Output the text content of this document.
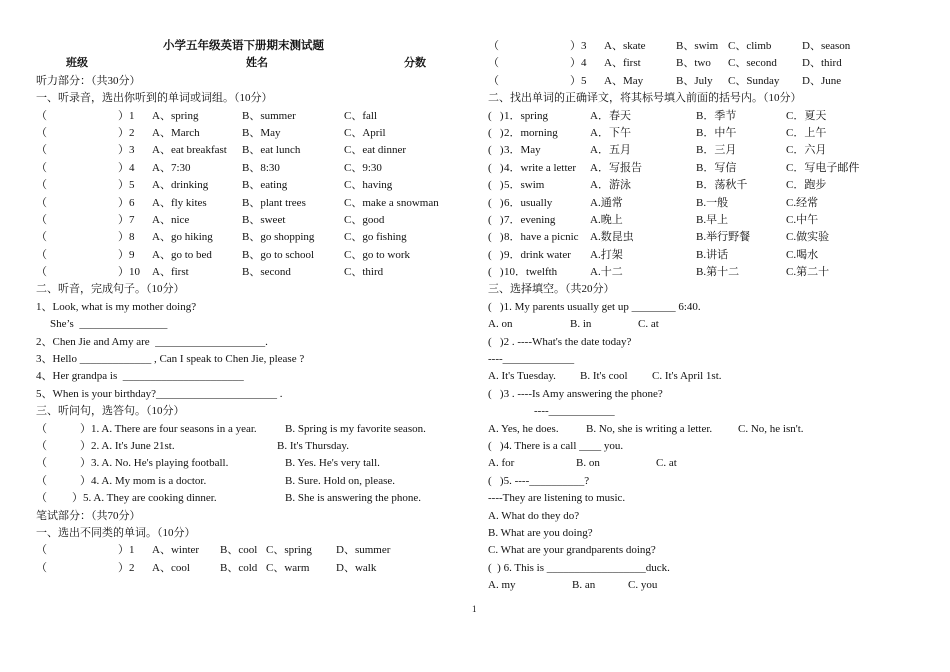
小学五年级英语下册期末测试题
班级	姓名	分数
听力部分：（共30分）
一、听录音，选出你听到的单词或词组。（10分）
（	）1 A、spring	B、summer	C、fall
（	）2 A、March	B、May	C、April
（	）3 A、eat breakfast B、eat lunch	C、eat dinner
（	）4 A、7:30	B、8:30	C、9:30
（	）5 A、drinking	B、eating	C、having
（	）6 A、fly kites	B、plant trees	C、make a snowman
（	）7 A、nice	B、sweet	C、good
（	）8 A、go hiking	B、go shopping	C、go fishing
（	）9 A、go to bed	B、go to school	C、go to work
（	）10 A、first	B、second	C、third
二、听音，完成句子。（10分）
1、Look, what is my mother doing?
She’s  ________________
2、Chen Jie and Amy are  ____________________.
3、Hello _____________ , Can I speak to Chen Jie, please ?
4、Her grandpa is  ______________________
5、When is your birthday?______________________ .
三、听问句，选答句。（10分）
（	）1. A. There are four seasons in a year.	B. Spring is my favorite season.
（	）2. A. It's June 21st.	B. It's Thursday.
（	）3. A. No. He's playing football.	B. Yes. He's very tall.
（	）4. A. My mom is a doctor.	B. Sure. Hold on, please.
（ ）5. A. They are cooking dinner.	B. She is answering the phone.
笔试部分：（共70分）
一、选出不同类的单词。（10分）
（	）1 A、winter B、cool C、spring D、summer
（	）2 A、cool	B、cold C、warm D、walk
（	）3 A、skate	B、swim C、climb	D、season
（	）4 A、first	B、two C、second D、third
（	）5 A、May	B、July C、Sunday D、June
二、找出单词的正确译文，将其标号填入前面的括号内。（10分）
(   ) 1．spring	A．春天	B．季节	C．夏天
(   ) 2．morning	A．下午	B．中午	C．上午
(   ) 3．May	A．五月	B．三月	C．六月
(   ) 4．write a letter A．写报告	B．写信	C．写电子邮件
(   ) 5．swim	A．游泳	B．荡秋千	C．跑步
(   ) 6．usually	A.通常	B.一般	C.经常
(   ) 7．evening	A.晚上	B.早上	C.中午
(   ) 8．have a picnic A.数昆虫	B.举行野餐	C.做实验
(   ) 9．drink water A.打架	B.讲话	C.喝水
(   ) 10．twelfth	A.十二	B.第十二	C.第二十
三、选择填空。（共20分）
(   )1. My parents usually get up ________ 6:40.
A. on	B. in	C. at
(   )2 . ----What's the date today?
----_____________
A. It's Tuesday. B. It's cool C. It's April 1st.
(   )3 . ----Is Amy answering the phone?
----____________
A. Yes, he does. B. No, she is writing a letter. C. No, he isn't.
(   )4. There is a call ____ you.
A. for	B. on	C. at
(   )5. ----__________?
----They are listening to music.
A. What do they do?
B. What are you doing?
C. What are your grandparents doing?
(  ) 6. This is __________________duck.
A. my	B. an	C. you
1
